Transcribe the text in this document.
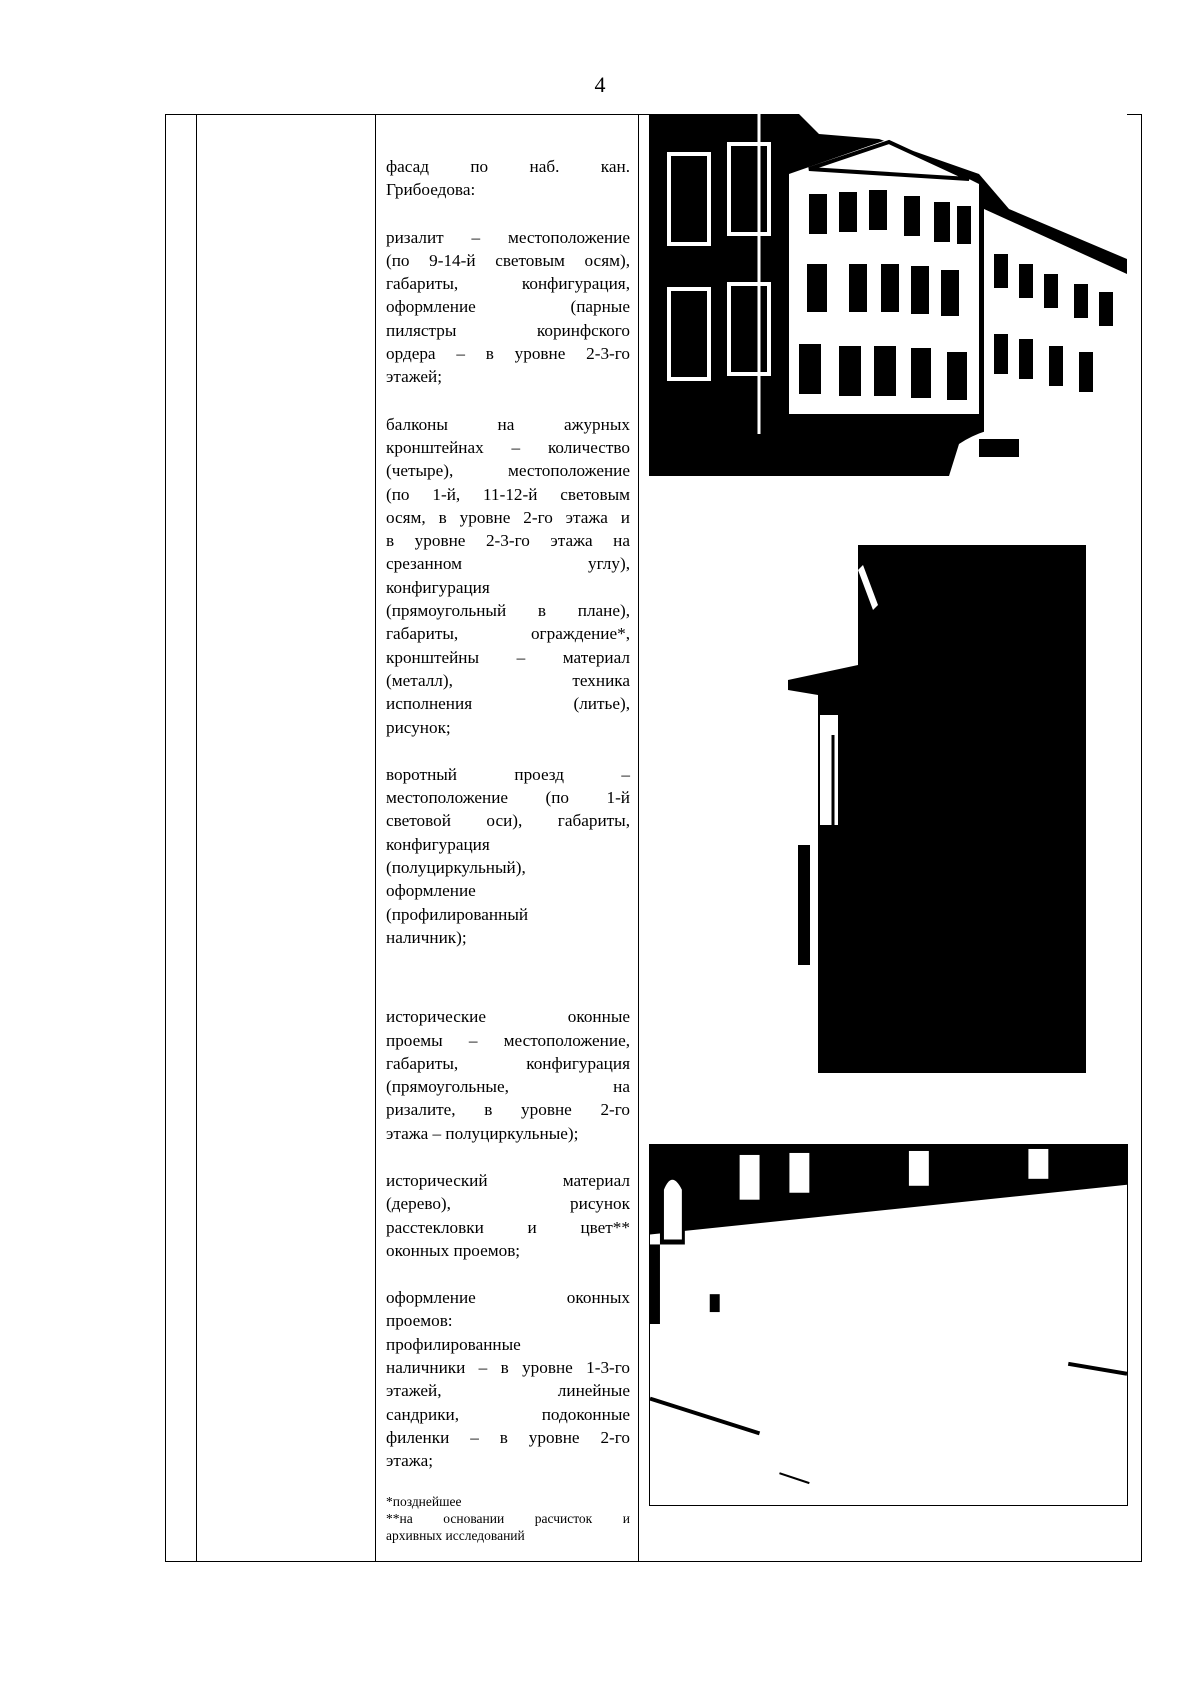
4
фасад по наб. кан.
Грибоедова:
ризалит – местоположение
(по 9-14-й световым осям),
габариты, конфигурация,
оформление (парные
пилястры коринфского
ордера – в уровне 2-3-го
этажей;
балконы на ажурных
кронштейнах – количество
(четыре), местоположение
(по 1-й, 11-12-й световым
осям, в уровне 2-го этажа и
в уровне 2-3-го этажа на
срезанном углу),
конфигурация
(прямоугольный в плане),
габариты, ограждение*,
кронштейны – материал
(металл), техника
исполнения (литье),
рисунок;
воротный проезд –
местоположение (по 1-й
световой оси), габариты,
конфигурация
(полуциркульный),
оформление
(профилированный
наличник);
исторические оконные
проемы – местоположение,
габариты, конфигурация
(прямоугольные, на
ризалите, в уровне 2-го
этажа – полуциркульные);
исторический материал
(дерево), рисунок
расстекловки и цвет**
оконных проемов;
оформление оконных
проемов:
профилированные
наличники – в уровне 1-3-го
этажей, линейные
сандрики, подоконные
филенки – в уровне 2-го
этажа;
*позднейшее
**на основании расчисток и
архивных исследований
